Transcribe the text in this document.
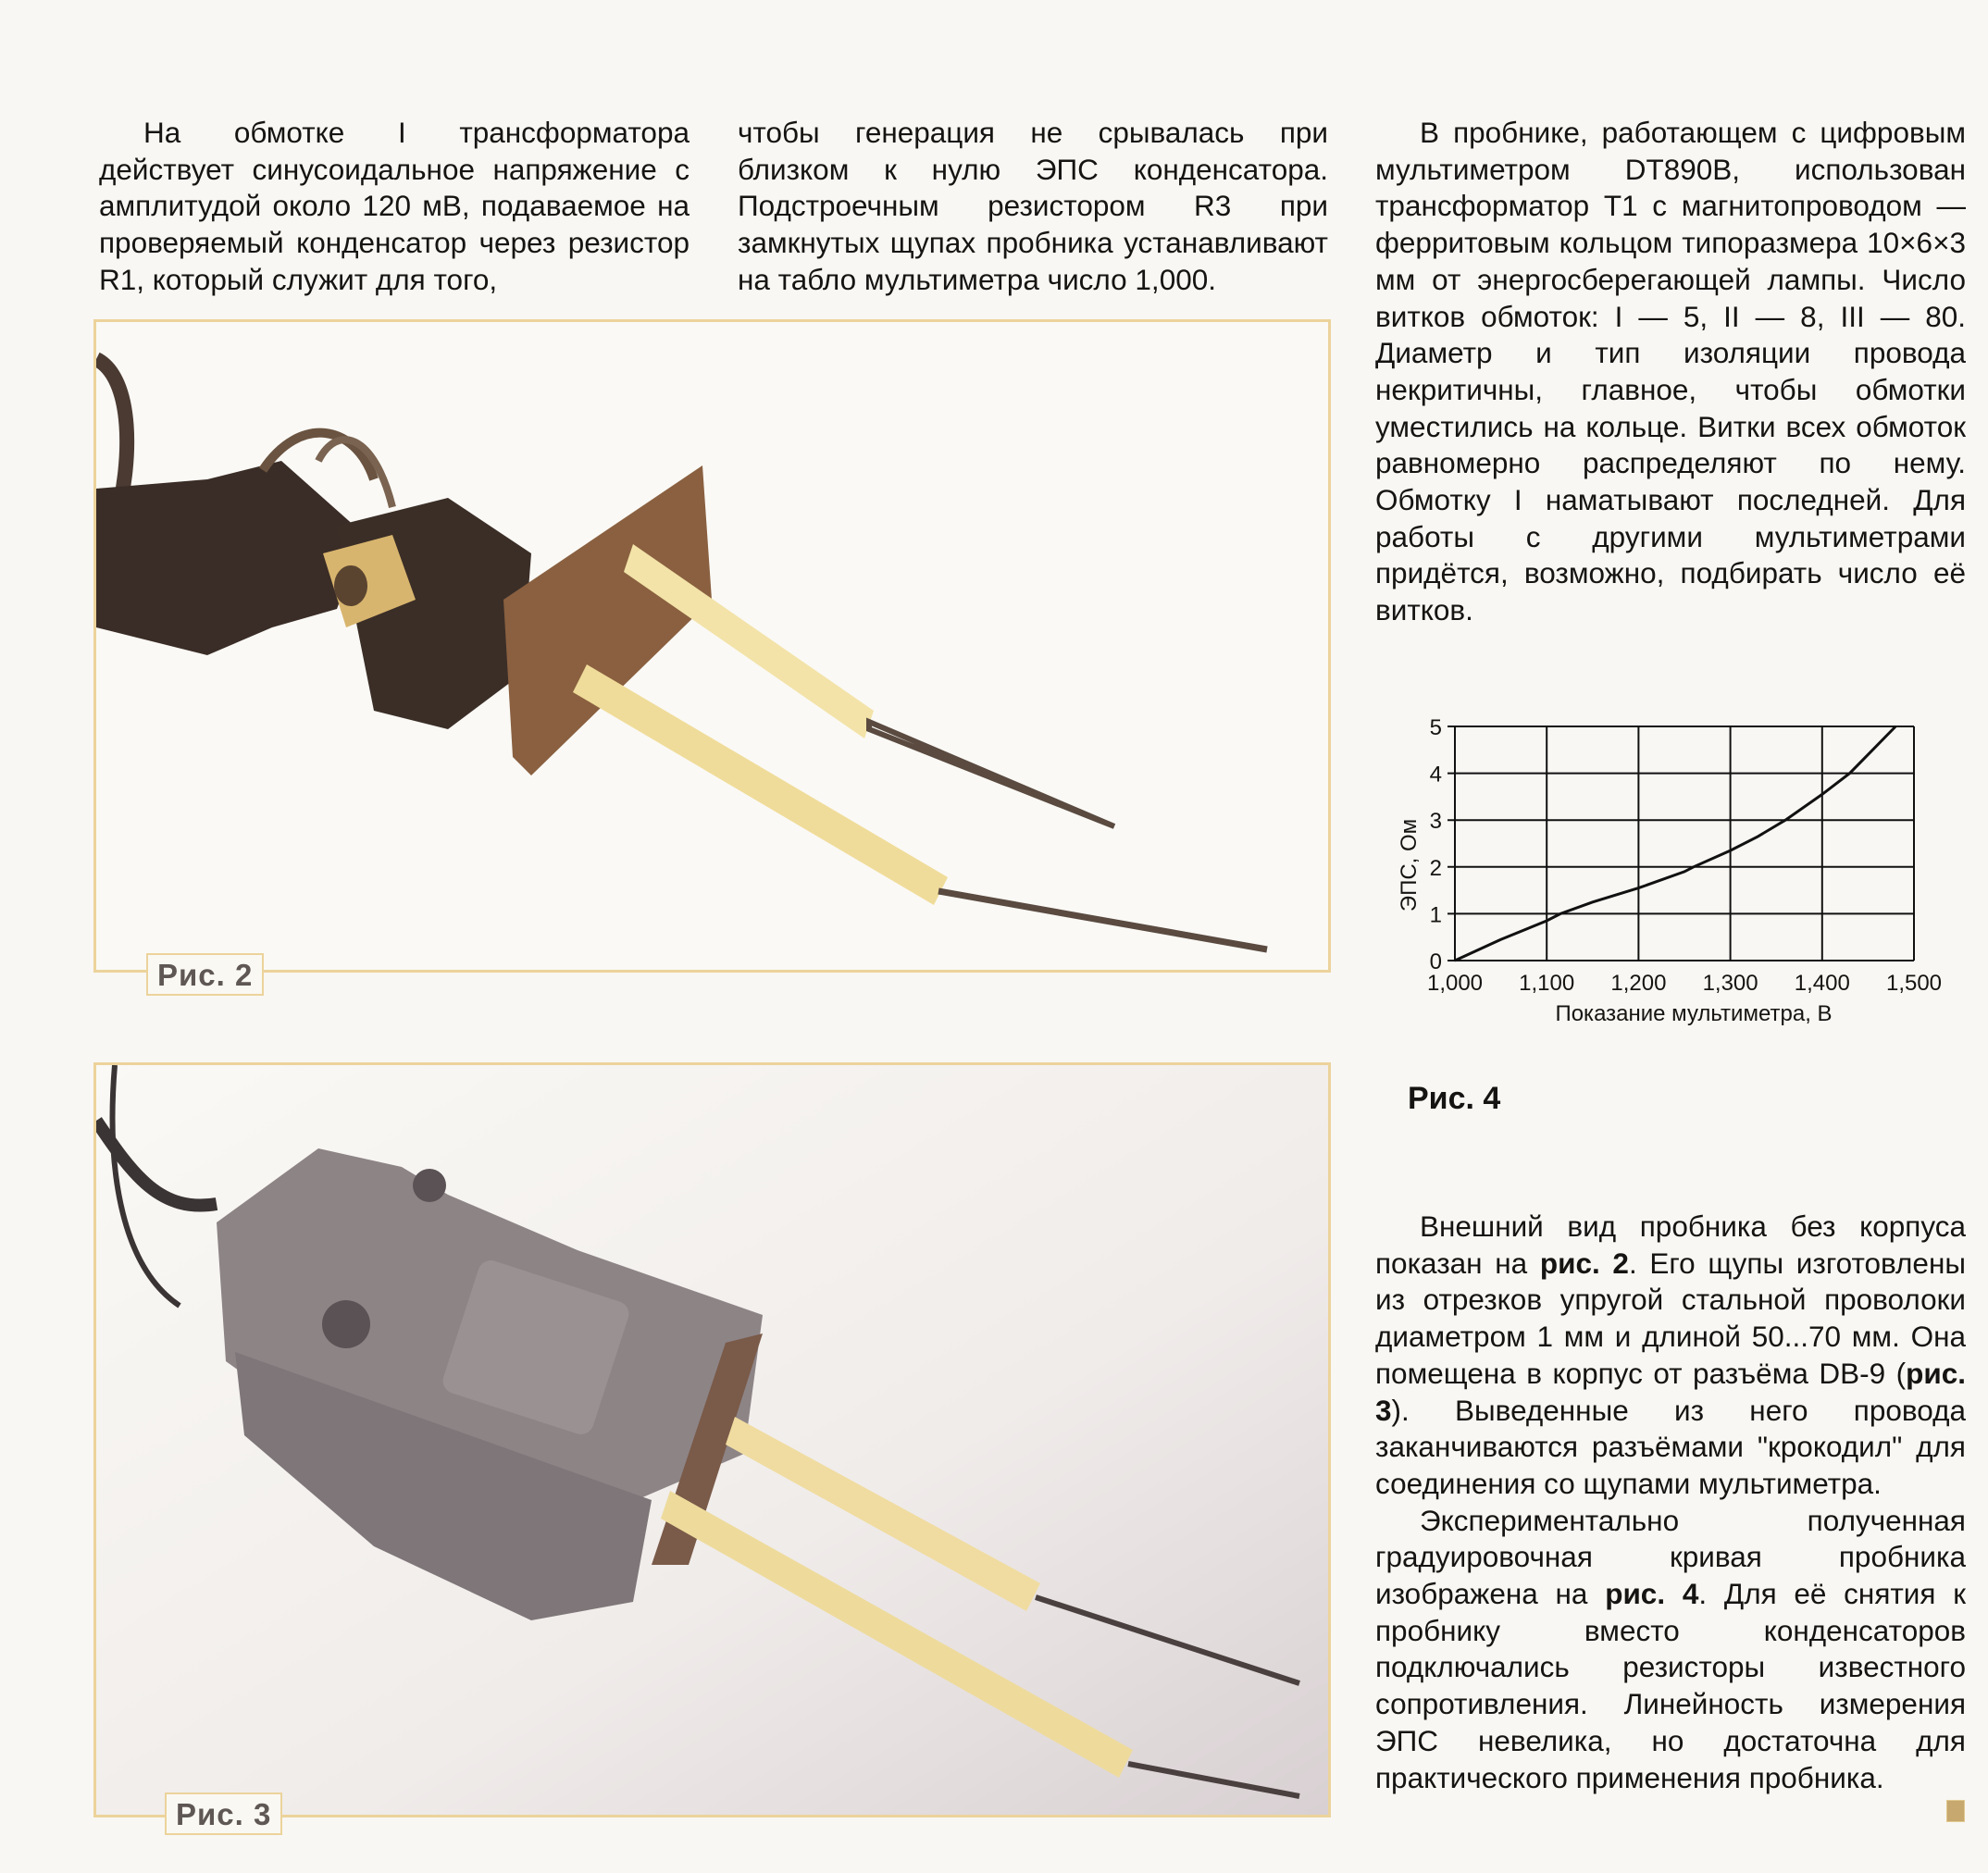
На обмотке I трансформатора действует синусоидальное напряжение с амплитудой около 120 мВ, подаваемое на проверяемый конденсатор через резистор R1, который служит для того,

чтобы генерация не срывалась при близком к нулю ЭПС конденсатора. Подстроечным резистором R3 при замкнутых щупах пробника устанавливают на табло мультиметра число 1,000.

В пробнике, работающем с цифровым мультиметром DT890B, использован трансформатор Т1 с магнитопроводом — ферритовым кольцом типоразмера 10×6×3 мм от энергосберегающей лампы. Число витков обмоток: I — 5, II — 8, III — 80. Диаметр и тип изоляции провода некритичны, главное, чтобы обмотки уместились на кольце. Витки всех обмоток равномерно распределяют по нему. Обмотку I наматывают последней. Для работы с другими мультиметрами придётся, возможно, подбирать число её витков.

Рис. 2
Рис. 3
0
1
2
3
4
5
1,000 1,100 1,200 1,300 1,400 1,500
Показание мультиметра, В
ЭПС, Ом
Рис. 4

Внешний вид пробника без корпуса показан на рис. 2. Его щупы изготовлены из отрезков упругой стальной проволоки диаметром 1 мм и длиной 50...70 мм. Она помещена в корпус от разъёма DB-9 (рис. 3). Выведенные из него провода заканчиваются разъёмами "крокодил" для соединения со щупами мультиметра.

Экспериментально полученная градуировочная кривая пробника изображена на рис. 4. Для её снятия к пробнику вместо конденсаторов подключались резисторы известного сопротивления. Линейность измерения ЭПС невелика, но достаточна для практического применения пробника.
